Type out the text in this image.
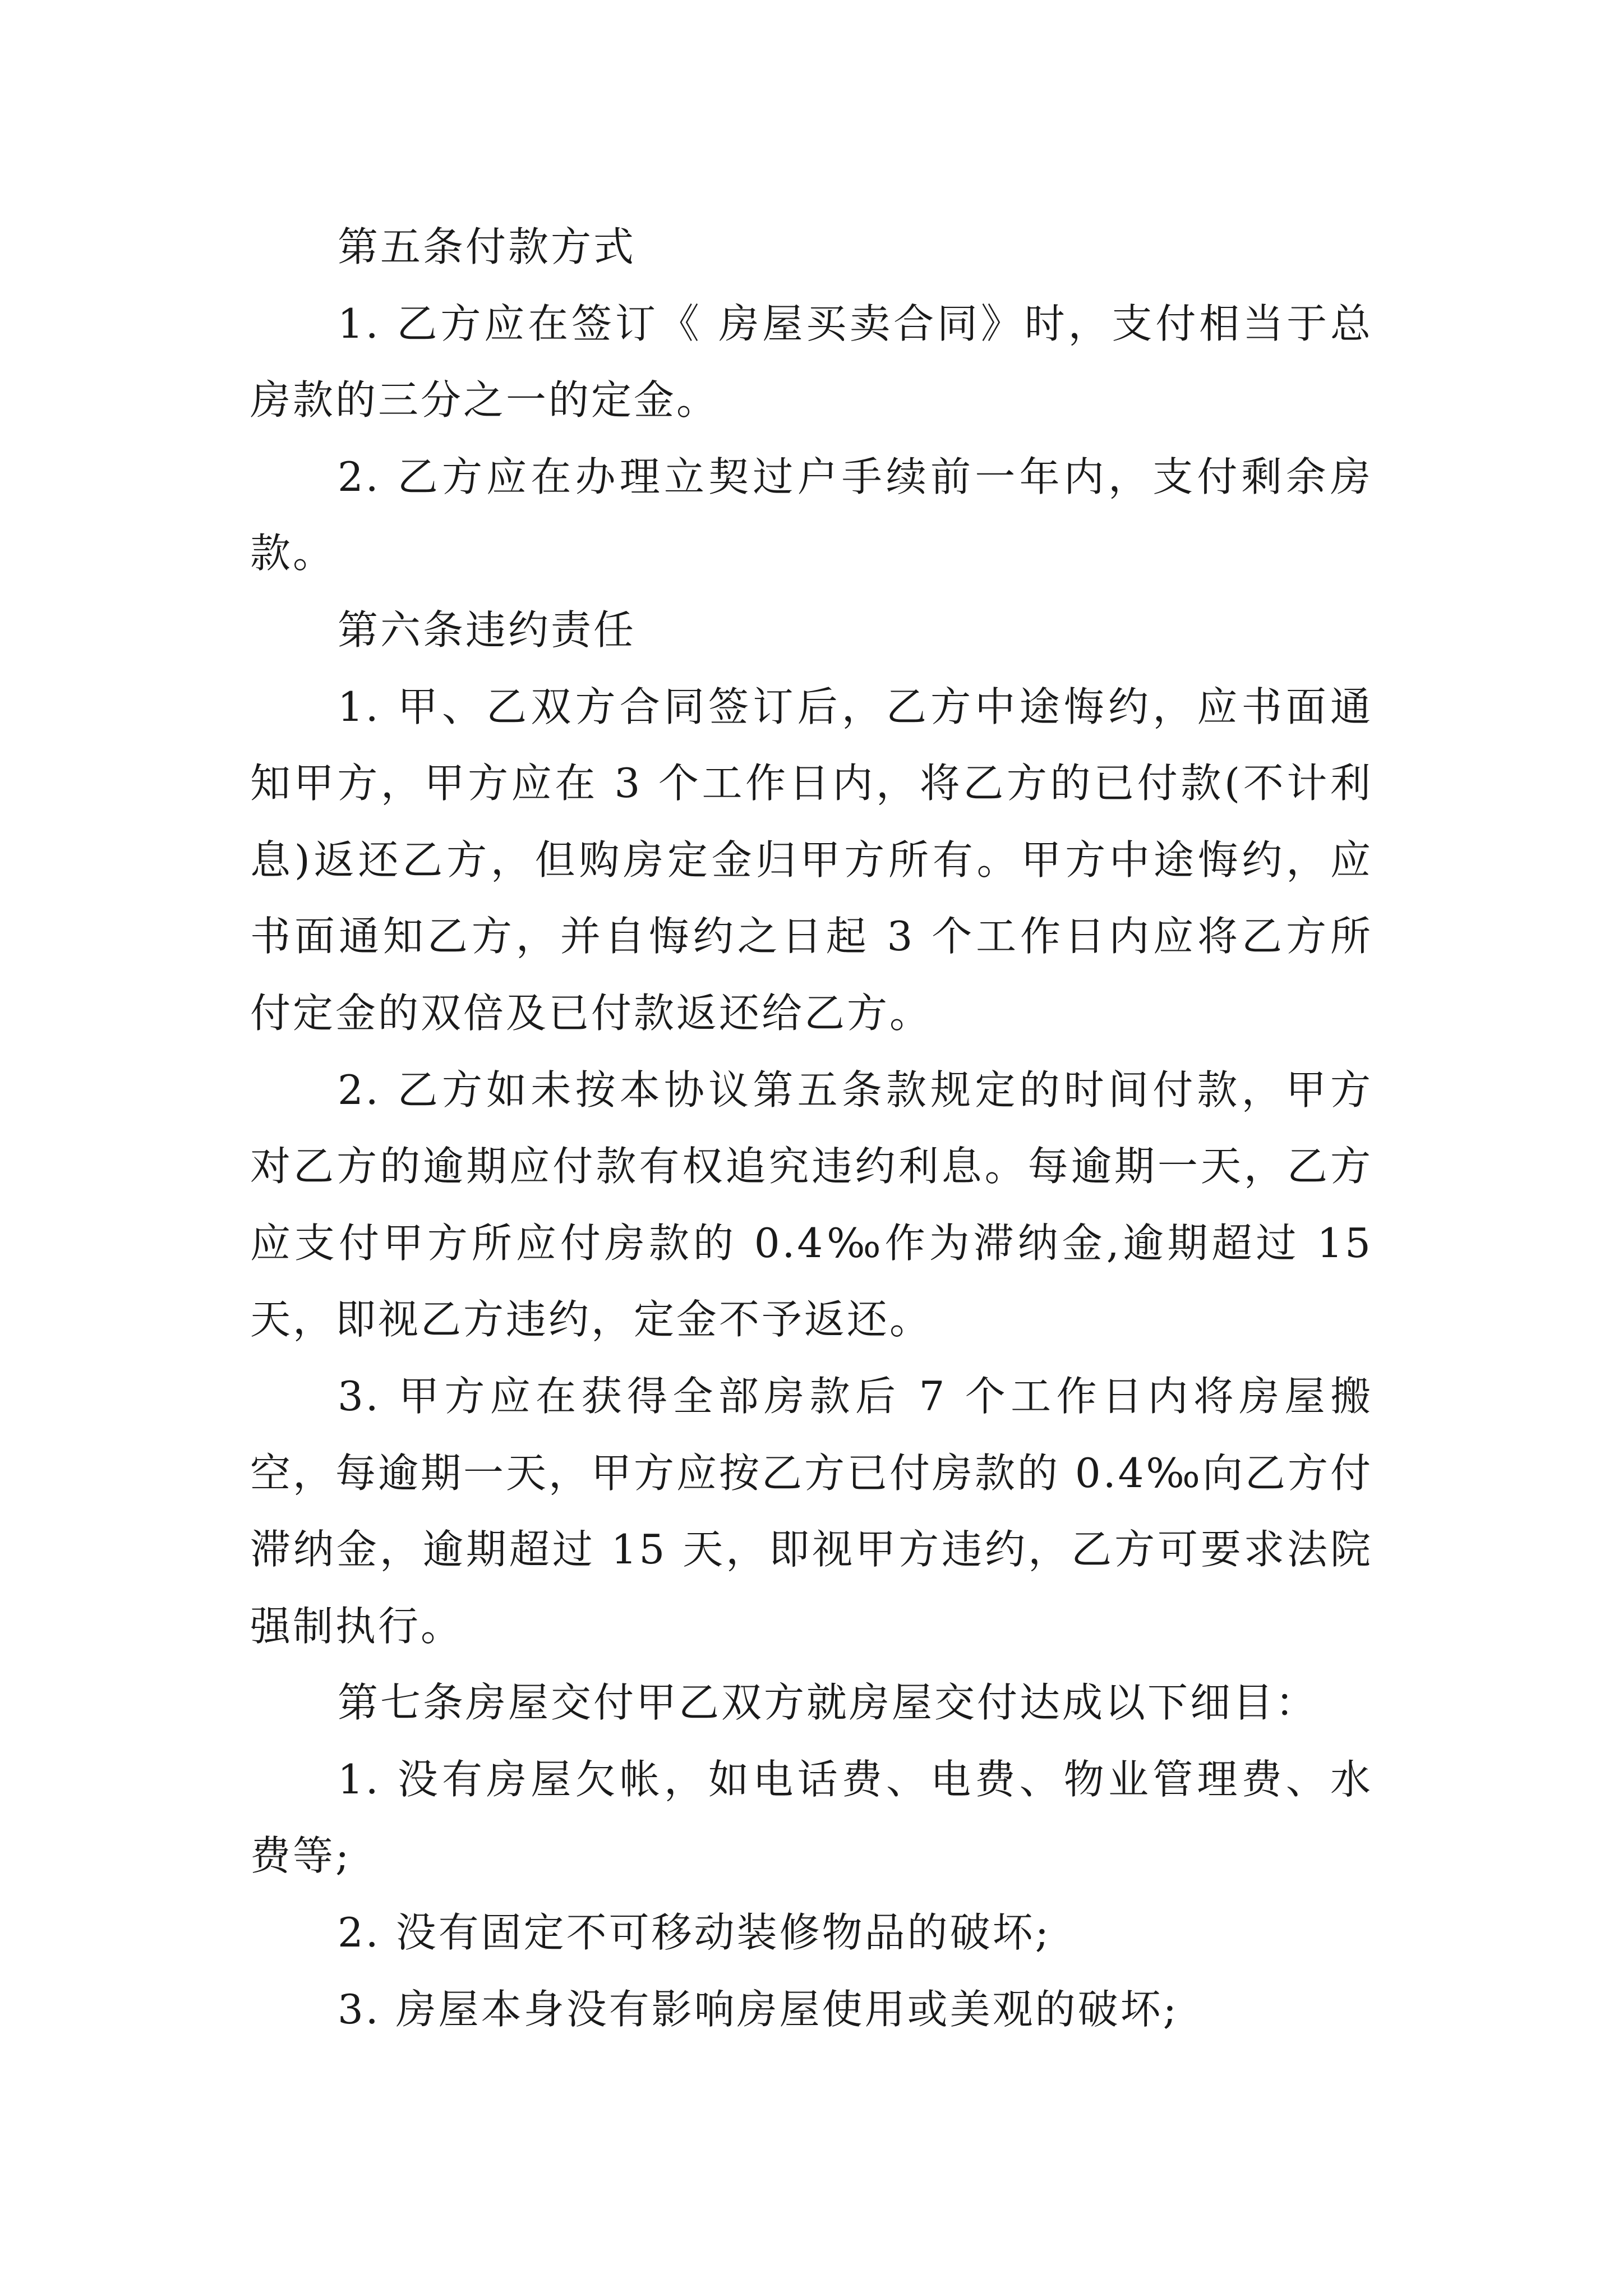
第五条付款方式

1. 乙方应在签订《 房屋买卖合同》时，支付相当于总房款的三分之一的定金。

2. 乙方应在办理立契过户手续前一年内，支付剩余房款。

第六条违约责任

1. 甲、乙双方合同签订后，乙方中途悔约，应书面通知甲方，甲方应在 3 个工作日内，将乙方的已付款(不计利息)返还乙方，但购房定金归甲方所有。甲方中途悔约，应书面通知乙方，并自悔约之日起 3 个工作日内应将乙方所付定金的双倍及已付款返还给乙方。

2. 乙方如未按本协议第五条款规定的时间付款，甲方对乙方的逾期应付款有权追究违约利息。每逾期一天，乙方应支付甲方所应付房款的 0.4‰作为滞纳金,逾期超过 15 天，即视乙方违约，定金不予返还。

3. 甲方应在获得全部房款后 7 个工作日内将房屋搬空，每逾期一天，甲方应按乙方已付房款的 0.4‰向乙方付滞纳金，逾期超过 15 天，即视甲方违约，乙方可要求法院强制执行。

第七条房屋交付甲乙双方就房屋交付达成以下细目：

1. 没有房屋欠帐，如电话费、电费、物业管理费、水费等;

2. 没有固定不可移动装修物品的破坏;

3. 房屋本身没有影响房屋使用或美观的破坏;
